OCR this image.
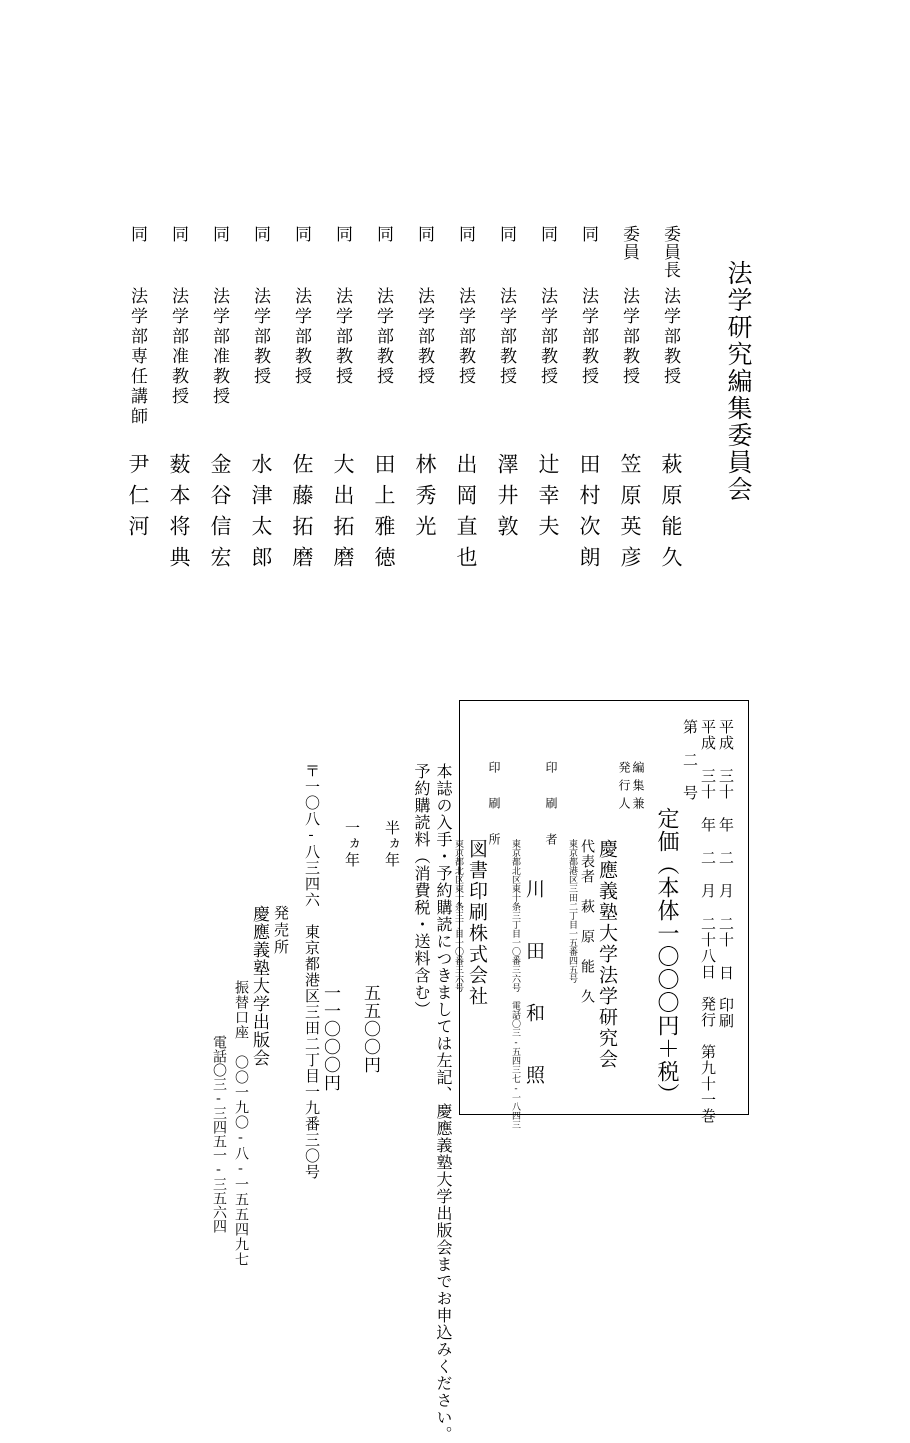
法学研究編集委員会
委員長
法学部教授
萩原能久
委員
法学部教授
笠原英彦
同
法学部教授
田村次朗
同
法学部教授
辻幸夫
同
法学部教授
澤井敦
同
法学部教授
出岡直也
同
法学部教授
林秀光
同
法学部教授
田上雅徳
同
法学部教授
大出拓磨
同
法学部教授
佐藤拓磨
同
法学部教授
水津太郎
同
法学部准教授
金谷信宏
同
法学部准教授
薮本将典
同
法学部専任講師
尹仁河
平成 三十 年 二 月 二十 日　印刷
平成 三十 年 二 月 二十八日　発行　第九十一巻
第 二 号
定価（本体一〇〇〇円＋税）
編集兼
発行人
慶應義塾大学法学研究会
代表者　萩　原　能　久
東京都港区三田二丁目一五番四五号
印　刷　者
川　田　和　照
東京都北区東十条三丁目一〇番三六号　電話〇三-五四三七-一八四三
印　刷　所
図書印刷株式会社
東京都北区東十条三丁目一〇番三六号
本誌の入手・予約購読につきましては左記、慶應義塾大学出版会までお申込みください。
予約購読料（消費税・送料含む）
半ヵ年
五五〇〇円
一ヵ年
一一〇〇〇円
〒一〇八-八三四六　東京都港区三田二丁目一九番三〇号
発売所
慶應義塾大学出版会
振替口座　〇〇一九〇-八-一五五四九七
電話〇三-三四五一-三五六四
